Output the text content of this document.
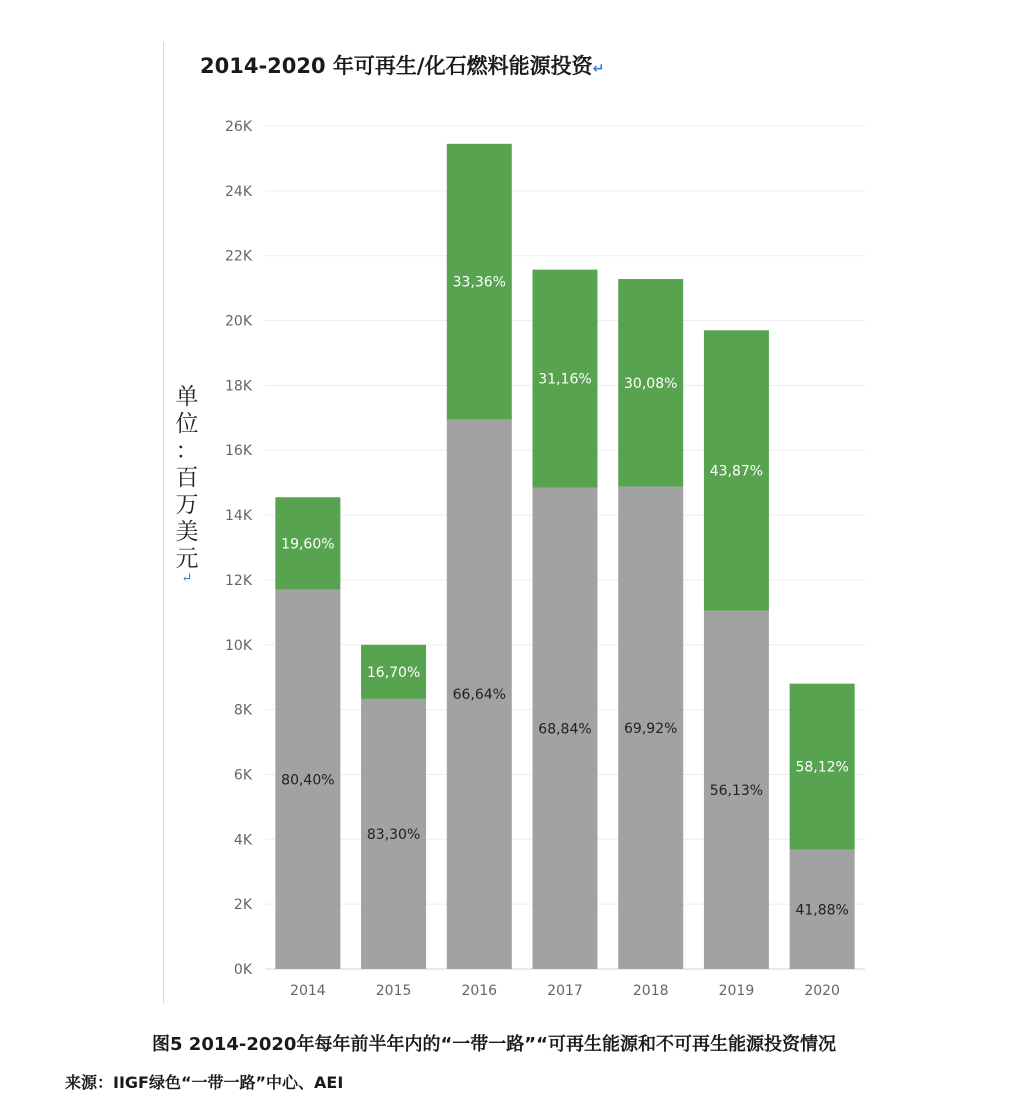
2014-2020 年可再生/化石燃料能源投资↵
0K
2K
4K
6K
8K
10K
12K
14K
16K
18K
20K
22K
24K
26K
80,40%
19,60%
83,30%
16,70%
66,64%
33,36%
68,84%
31,16%
69,92%
30,08%
56,13%
43,87%
41,88%
58,12%
2014	2015	2016	2017	2018	2019	2020
单
位
：
百
万
美
元
↵
图5 2014-2020年每年前半年内的“一带一路”“可再生能源和不可再生能源投资情况
来源：IIGF绿色“一带一路”中心、AEI
